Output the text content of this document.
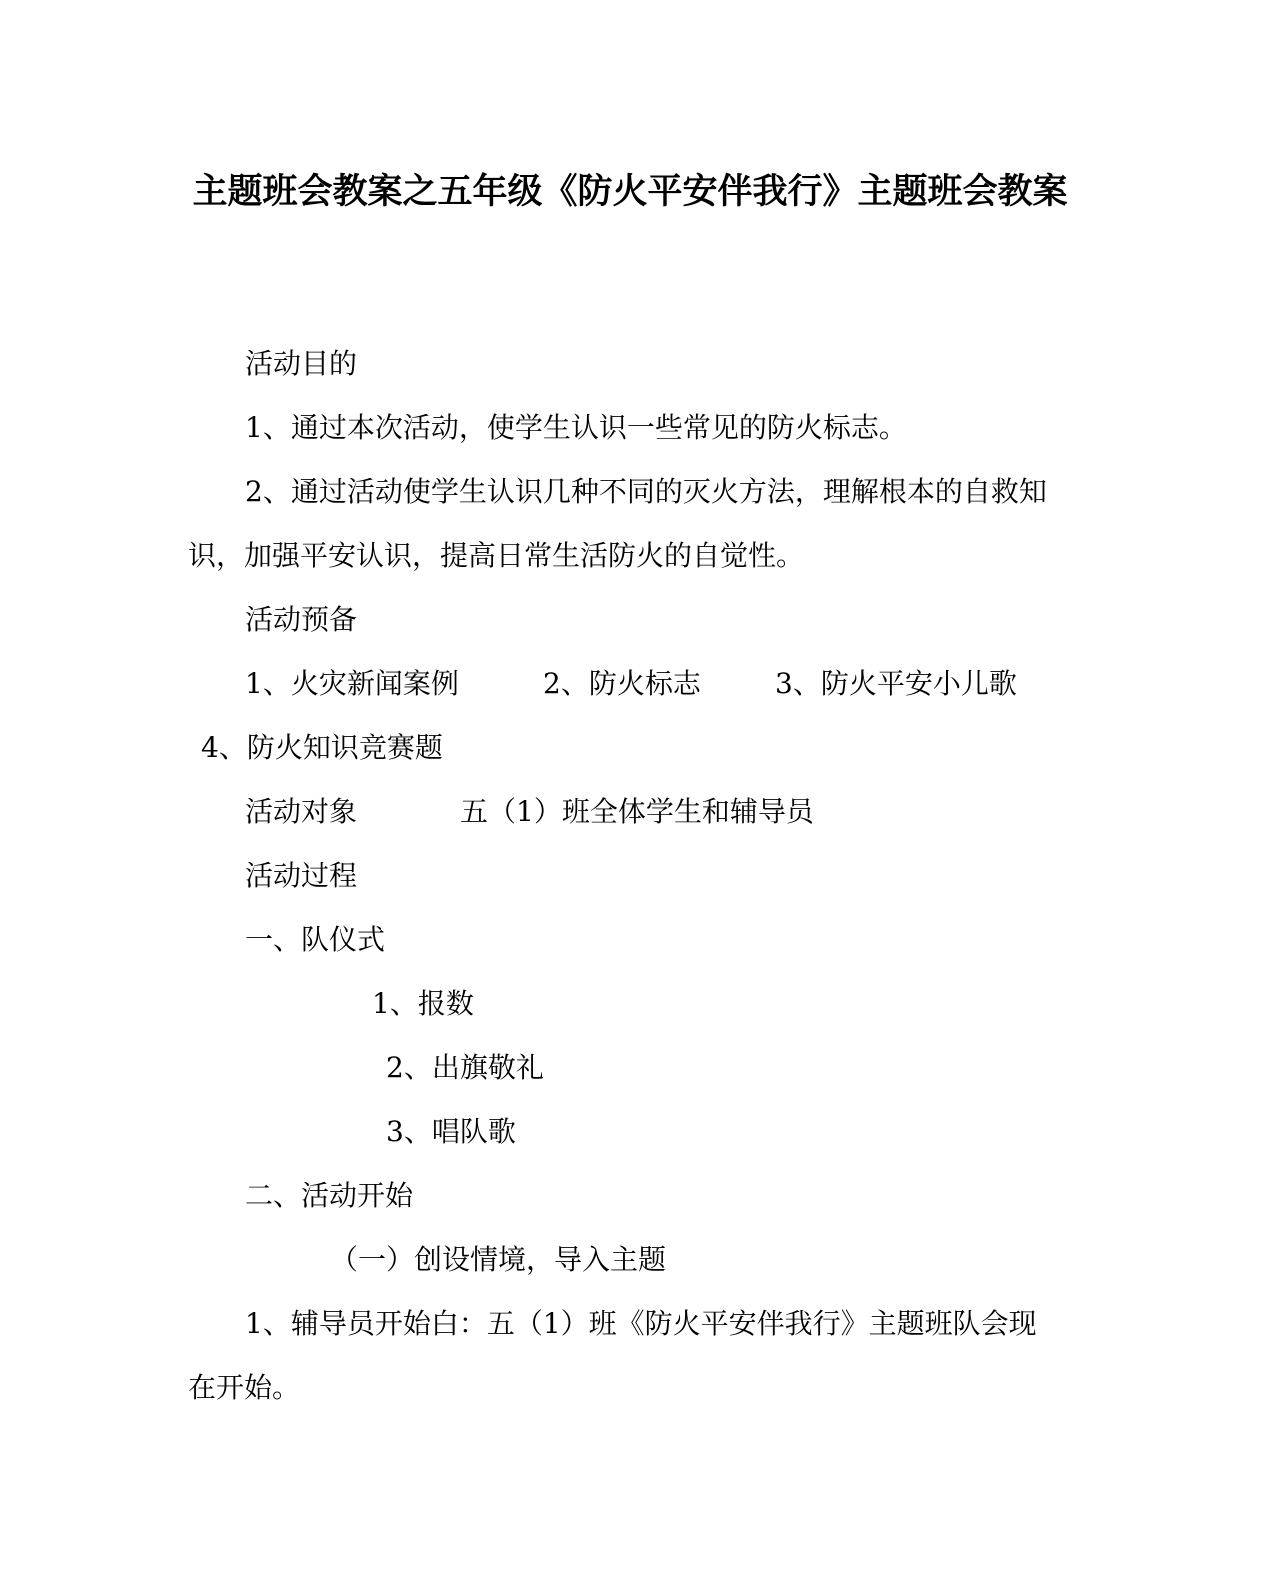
主题班会教案之五年级《防火平安伴我行》主题班会教案

活动目的

1、通过本次活动，使学生认识一些常见的防火标志。

2、通过活动使学生认识几种不同的灭火方法，理解根本的自救知

识，加强平安认识，提高日常生活防火的自觉性。

活动预备

1、火灾新闻案例	2、防火标志	3、防火平安小儿歌

4、防火知识竞赛题

活动对象	五（1）班全体学生和辅导员

活动过程

一、队仪式

1、报数

2、出旗敬礼

3、唱队歌

二、活动开始

（一）创设情境，导入主题

1、辅导员开始白：五（1）班《防火平安伴我行》主题班队会现

在开始。
